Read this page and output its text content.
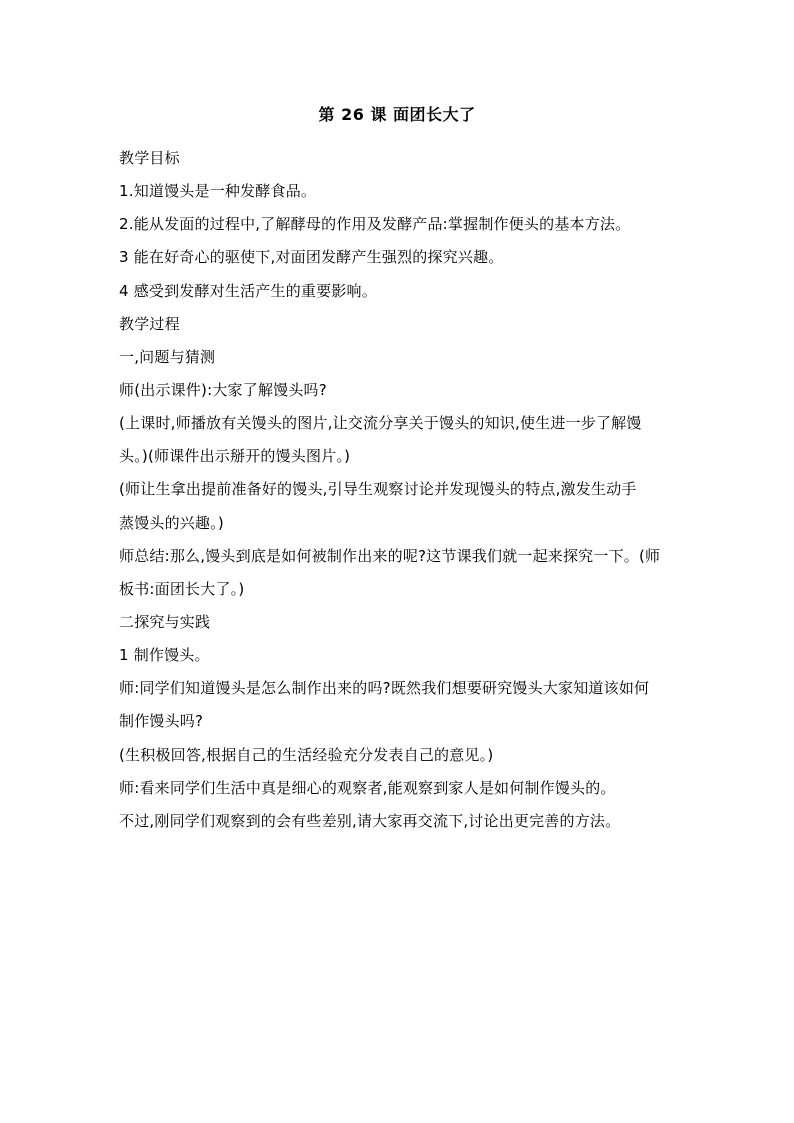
第 26 课 面团长大了
教学目标
1.知道馒头是一种发酵食品。
2.能从发面的过程中,了解酵母的作用及发酵产品:掌握制作便头的基本方法。
3 能在好奇心的驱使下,对面团发酵产生强烈的探究兴趣。
4 感受到发酵对生活产生的重要影响。
教学过程
一,问题与猜测
师(出示课件):大家了解馒头吗?
(上课时,师播放有关馒头的图片,让交流分享关于馒头的知识,使生进一步了解馒
头。)(师课件出示掰开的馒头图片。)
(师让生拿出提前准备好的馒头,引导生观察讨论并发现馒头的特点,激发生动手
蒸馒头的兴趣。)
师总结:那么,馒头到底是如何被制作出来的呢?这节课我们就一起来探究一下。(师
板书:面团长大了。)
二探究与实践
1 制作馒头。
师:同学们知道馒头是怎么制作出来的吗?既然我们想要研究馒头大家知道该如何
制作馒头吗?
(生积极回答,根据自己的生活经验充分发表自己的意见。)
师:看来同学们生活中真是细心的观察者,能观察到家人是如何制作馒头的。
不过,刚同学们观察到的会有些差别,请大家再交流下,讨论出更完善的方法。
